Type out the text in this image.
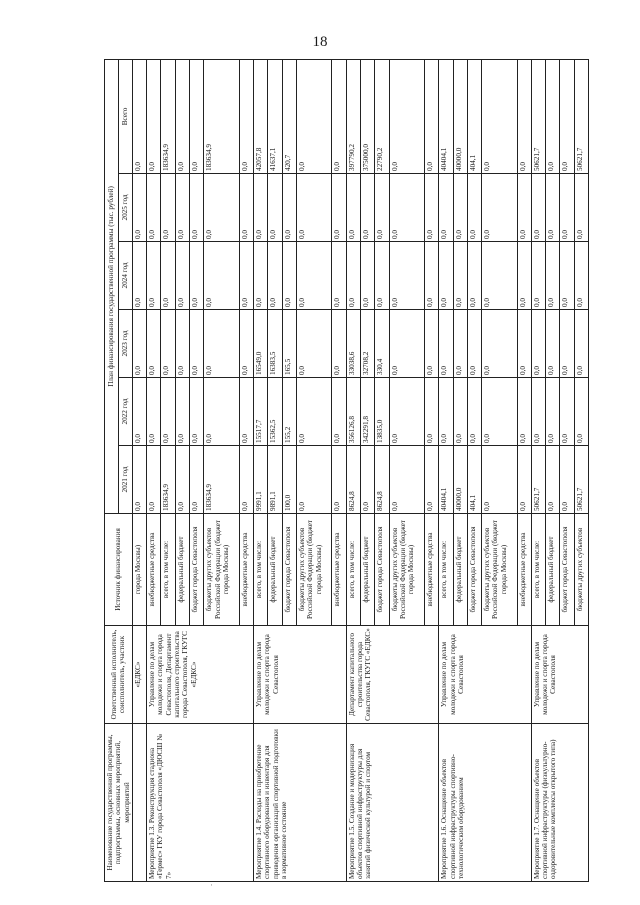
18
Наименование государственной программы, подпрограммы, основных мероприятий, мероприятий	Ответственный исполнитель, соисполнитель, участник	Источник финансирования	План финансирования государственной программы (тыс. рублей)					
			2021 год	2022 год	2023 год	2024 год	2025 год	Всего
	«ЕДКС»	города Москвы)	0,0	0,0	0,0	0,0	0,0	0,0
Мероприятие 1.3. Реконструкция стадиона «Гермес» ГКУ города Севастополя «ДЮСШ № 7»	Управление по делам молодежи и спорта города Севастополя, Департамент капитального строительства города Севастополя, ГКУГС «ЕДКС»	внебюджетные средства	0,0	0,0	0,0	0,0	0,0	0,0
		всего, в том числе:	183634,9	0,0	0,0	0,0	0,0	183634,9
		федеральный бюджет	0,0	0,0	0,0	0,0	0,0	0,0
		бюджет города Севастополя	0,0	0,0	0,0	0,0	0,0	0,0
		бюджеты других субъектов Российской Федерации (бюджет города Москвы)	183634,9	0,0	0,0	0,0	0,0	183634,9
		внебюджетные средства	0,0	0,0	0,0	0,0	0,0	0,0
Мероприятие 1.4. Расходы на приобретение спортивного оборудования и инвентаря для приведения организаций спортивной подготовки в нормативное состояние	Управление по делам молодежи и спорта города Севастополя	всего, в том числе:	9991,1	15517,7	16549,0	0,0	0,0	42057,8
		федеральный бюджет	9891,1	15362,5	16383,5	0,0	0,0	41637,1
		бюджет города Севастополя	100,0	155,2	165,5	0,0	0,0	420,7
		бюджеты других субъектов Российской Федерации (бюджет города Москвы)	0,0	0,0	0,0	0,0	0,0	0,0
		внебюджетные средства	0,0	0,0	0,0	0,0	0,0	0,0
Мероприятие 1.5. Создание и модернизация объектов спортивной инфраструктуры для занятий физической культурой и спортом	Департамент капитального строительства города Севастополя, ГКУГС «ЕДКС»	всего, в том числе:	8624,8	356126,8	33038,6	0,0	0,0	397790,2
		федеральный бюджет	0,0	342291,8	32708,2	0,0	0,0	375000,0
		бюджет города Севастополя	8624,8	13835,0	330,4	0,0	0,0	22790,2
		бюджеты других субъектов Российской Федерации (бюджет города Москвы)	0,0	0,0	0,0	0,0	0,0	0,0
		внебюджетные средства	0,0	0,0	0,0	0,0	0,0	0,0
Мероприятие 1.6. Оснащение объектов спортивной инфраструктуры спортивно-технологическим оборудованием	Управление по делам молодежи и спорта города Севастополя	всего, в том числе:	40404,1	0,0	0,0	0,0	0,0	40404,1
		федеральный бюджет	40000,0	0,0	0,0	0,0	0,0	40000,0
		бюджет города Севастополя	404,1	0,0	0,0	0,0	0,0	404,1
		бюджеты других субъектов Российской Федерации (бюджет города Москвы)	0,0	0,0	0,0	0,0	0,0	0,0
		внебюджетные средства	0,0	0,0	0,0	0,0	0,0	0,0
Мероприятие 1.7. Оснащение объектов спортивной инфраструктуры (физкультурно-оздоровительные комплексы открытого типа)	Управление по делам молодежи и спорта города Севастополя	всего, в том числе:	50621,7	0,0	0,0	0,0	0,0	50621,7
		федеральный бюджет	0,0	0,0	0,0	0,0	0,0	0,0
		бюджет города Севастополя	0,0	0,0	0,0	0,0	0,0	0,0
		бюджеты других субъектов	50621,7	0,0	0,0	0,0	0,0	50621,7
·
